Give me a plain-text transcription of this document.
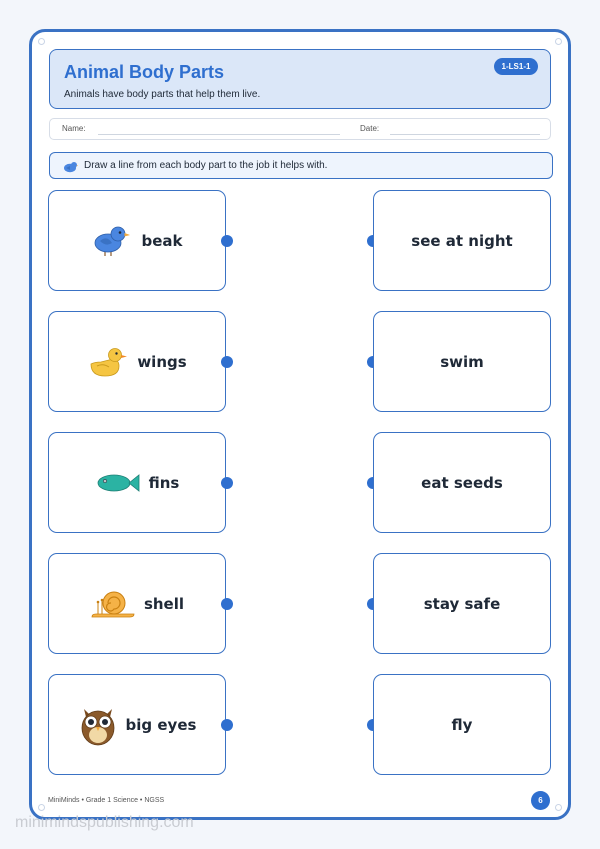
Animal Body Parts
Animals have body parts that help them live.
1-LS1-1
Name:	Date:
Draw a line from each body part to the job it helps with.
beak
wings
fins
shell
big eyes
see at night
swim
eat seeds
stay safe
fly
MiniMinds • Grade 1 Science • NGSS	6
minimindspublishing.com
